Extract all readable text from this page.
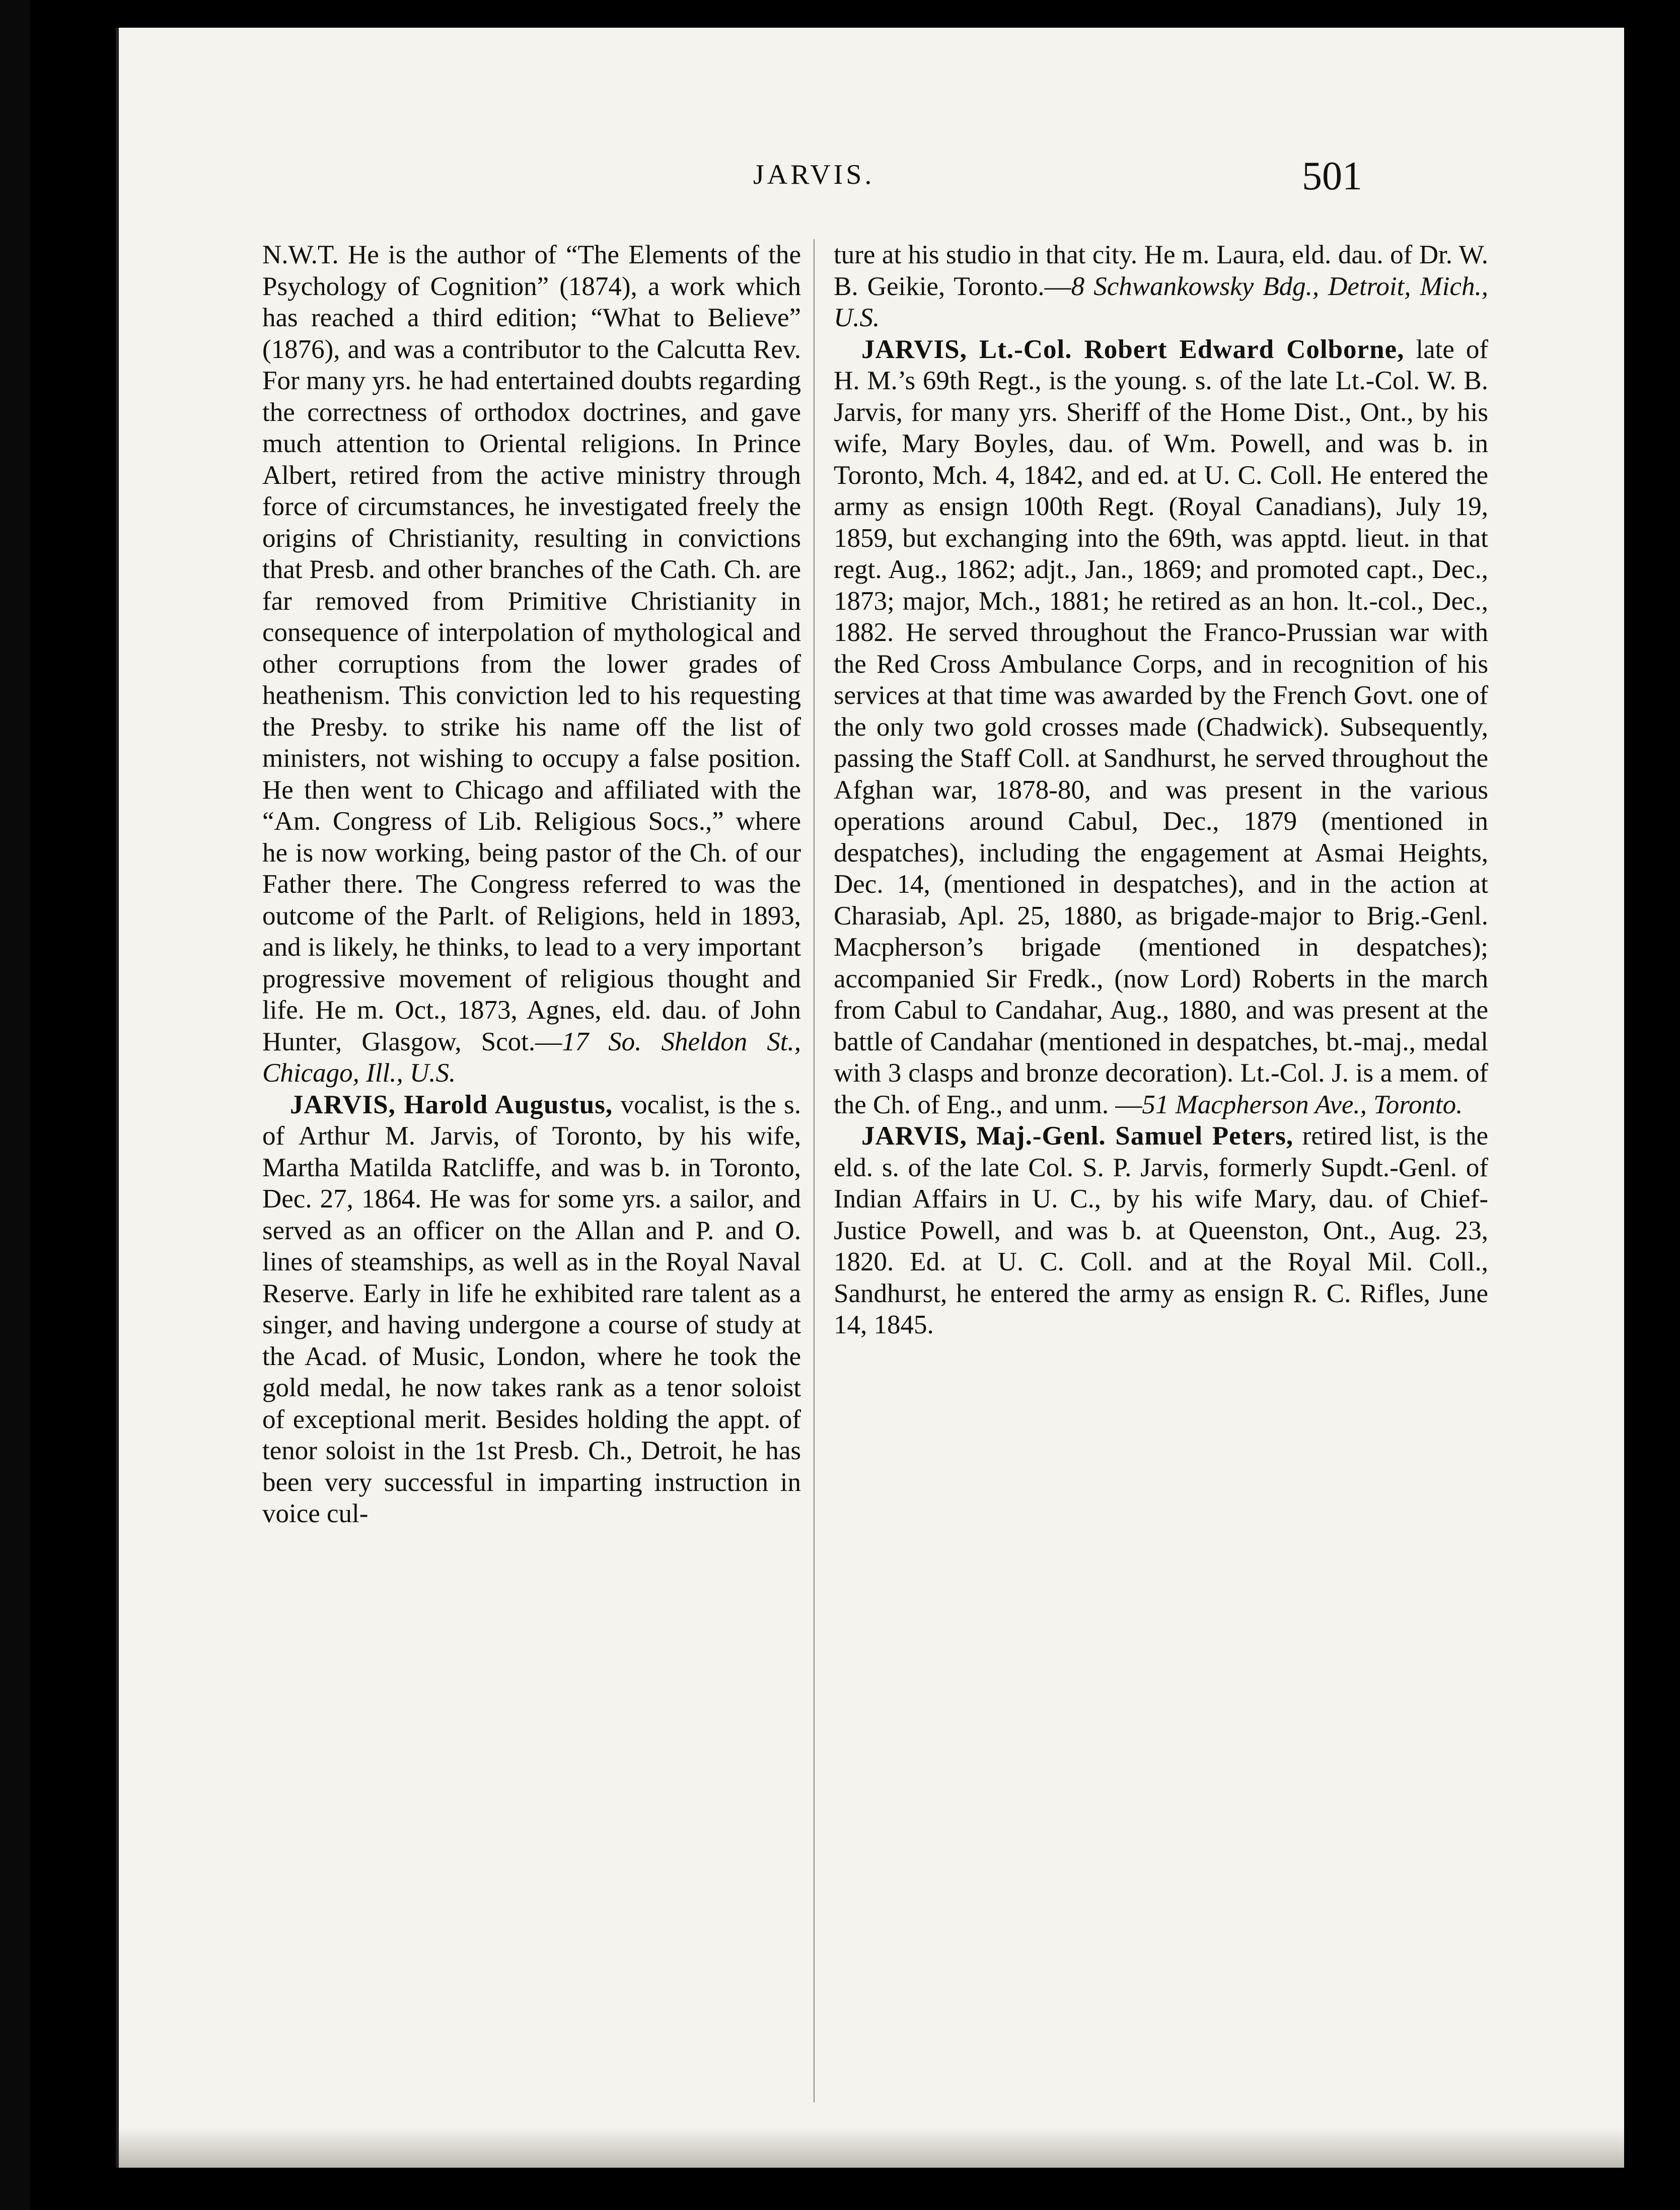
JARVIS.	501

N.W.T. He is the author of “The Elements of the Psychology of Cognition” (1874), a work which has reached a third edition; “What to Believe” (1876), and was a contributor to the Calcutta Rev. For many yrs. he had entertained doubts regarding the correctness of orthodox doctrines, and gave much attention to Oriental religions. In Prince Albert, retired from the active ministry through force of circumstances, he investigated freely the origins of Christianity, resulting in convictions that Presb. and other branches of the Cath. Ch. are far removed from Primitive Christianity in consequence of interpolation of mythological and other corruptions from the lower grades of heathenism. This conviction led to his requesting the Presby. to strike his name off the list of ministers, not wishing to occupy a false position. He then went to Chicago and affiliated with the “Am. Congress of Lib. Religious Socs.,” where he is now working, being pastor of the Ch. of our Father there. The Congress referred to was the outcome of the Parlt. of Religions, held in 1893, and is likely, he thinks, to lead to a very important progressive movement of religious thought and life. He m. Oct., 1873, Agnes, eld. dau. of John Hunter, Glasgow, Scot.—17 So. Sheldon St., Chicago, Ill., U.S.

JARVIS, Harold Augustus, vocalist, is the s. of Arthur M. Jarvis, of Toronto, by his wife, Martha Matilda Ratcliffe, and was b. in Toronto, Dec. 27, 1864. He was for some yrs. a sailor, and served as an officer on the Allan and P. and O. lines of steamships, as well as in the Royal Naval Reserve. Early in life he exhibited rare talent as a singer, and having undergone a course of study at the Acad. of Music, London, where he took the gold medal, he now takes rank as a tenor soloist of exceptional merit. Besides holding the appt. of tenor soloist in the 1st Presb. Ch., Detroit, he has been very successful in imparting instruction in voice cul-

ture at his studio in that city. He m. Laura, eld. dau. of Dr. W. B. Geikie, Toronto.—8 Schwankowsky Bdg., Detroit, Mich., U.S.

JARVIS, Lt.-Col. Robert Edward Colborne, late of H. M.’s 69th Regt., is the young. s. of the late Lt.-Col. W. B. Jarvis, for many yrs. Sheriff of the Home Dist., Ont., by his wife, Mary Boyles, dau. of Wm. Powell, and was b. in Toronto, Mch. 4, 1842, and ed. at U. C. Coll. He entered the army as ensign 100th Regt. (Royal Canadians), July 19, 1859, but exchanging into the 69th, was apptd. lieut. in that regt. Aug., 1862; adjt., Jan., 1869; and promoted capt., Dec., 1873; major, Mch., 1881; he retired as an hon. lt.-col., Dec., 1882. He served throughout the Franco-Prussian war with the Red Cross Ambulance Corps, and in recognition of his services at that time was awarded by the French Govt. one of the only two gold crosses made (Chadwick). Subsequently, passing the Staff Coll. at Sandhurst, he served throughout the Afghan war, 1878-80, and was present in the various operations around Cabul, Dec., 1879 (mentioned in despatches), including the engagement at Asmai Heights, Dec. 14, (mentioned in despatches), and in the action at Charasiab, Apl. 25, 1880, as brigade-major to Brig.-Genl. Macpherson’s brigade (mentioned in despatches); accompanied Sir Fredk., (now Lord) Roberts in the march from Cabul to Candahar, Aug., 1880, and was present at the battle of Candahar (mentioned in despatches, bt.-maj., medal with 3 clasps and bronze decoration). Lt.-Col. J. is a mem. of the Ch. of Eng., and unm. —51 Macpherson Ave., Toronto.

JARVIS, Maj.-Genl. Samuel Peters, retired list, is the eld. s. of the late Col. S. P. Jarvis, formerly Supdt.-Genl. of Indian Affairs in U. C., by his wife Mary, dau. of Chief-Justice Powell, and was b. at Queenston, Ont., Aug. 23, 1820. Ed. at U. C. Coll. and at the Royal Mil. Coll., Sandhurst, he entered the army as ensign R. C. Rifles, June 14, 1845.
